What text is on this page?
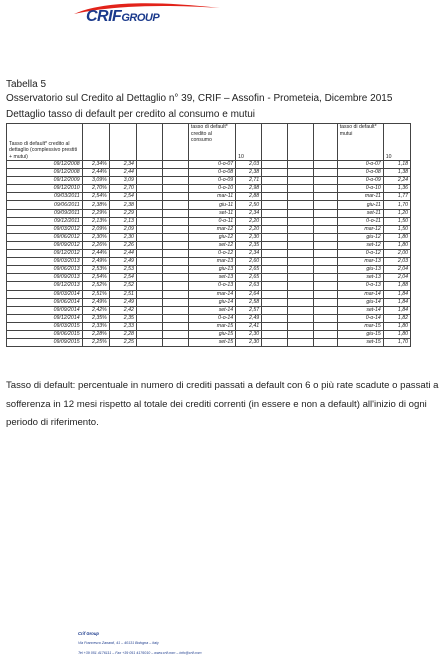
CRIFGROUP
Tabella 5
Osservatorio sul Credito al Dettaglio n° 39, CRIF – Assofin - Prometeia, Dicembre 2015
Dettaglio tasso di default per credito al consumo e mutui
Tasso di default* credito al dettaglio (complessivo prestiti + mutui)					tasso di default* credito al consumo	10				tasso di default* mutui	10
09/12/2008	2,34%	2,34			0-o-07	2,03				0-o-07	1,18
09/12/2008	2,44%	2,44			0-o-08	2,38				0-o-08	1,38
09/12/2009	3,09%	3,09			0-o-09	2,71				0-o-09	2,24
09/12/2010	2,70%	2,70			0-o-10	2,98				0-o-10	1,36
09/03/2011	2,54%	2,54			mar-11	2,88				mar-11	1,77
09/06/2011	2,38%	2,38			giu-11	2,50				giu-11	1,70
09/09/2011	2,29%	2,29			set-11	2,34				set-11	1,20
09/12/2011	2,13%	2,13			0-o-11	2,20				0-o-11	1,50
09/03/2012	2,09%	2,09			mar-12	2,20				mar-12	1,50
09/06/2012	2,30%	2,30			giu-12	2,30				giu-12	1,80
09/09/2012	2,26%	2,26			set-12	2,35				set-12	1,80
09/12/2012	2,44%	2,44			0-o-12	2,34				0-o-12	2,00
09/03/2013	2,49%	2,49			mar-13	2,60				mar-13	2,03
09/06/2013	2,53%	2,53			giu-13	2,65				giu-13	2,04
09/09/2013	2,54%	2,54			set-13	2,65				set-13	2,04
09/12/2013	2,52%	2,52			0-o-13	2,63				0-o-13	1,88
09/03/2014	2,51%	2,51			mar-14	2,64				mar-14	1,84
09/06/2014	2,49%	2,49			giu-14	2,58				giu-14	1,84
09/09/2014	2,42%	2,42			set-14	2,57				set-14	1,84
09/12/2014	2,35%	2,35			0-o-14	2,49				0-o-14	1,82
09/03/2015	2,33%	2,33			mar-15	2,41				mar-15	1,80
09/06/2015	2,28%	2,28			giu-15	2,30				giu-15	1,80
09/09/2015	2,25%	2,25			set-15	2,30				set-15	1,70
Tasso di default: percentuale in numero di crediti passati a default con 6 o più rate scadute o passati a sofferenza in 12 mesi rispetto al totale dei crediti correnti (in essere e non a default) all'inizio di ogni periodo di riferimento.
Crif Group
Via Francesco Zanardi, 41 – 40131 Bologna – Italy
Tel +39 051 4176111 – Fax +39 051 4176010 – www.crif.com – info@crif.com
